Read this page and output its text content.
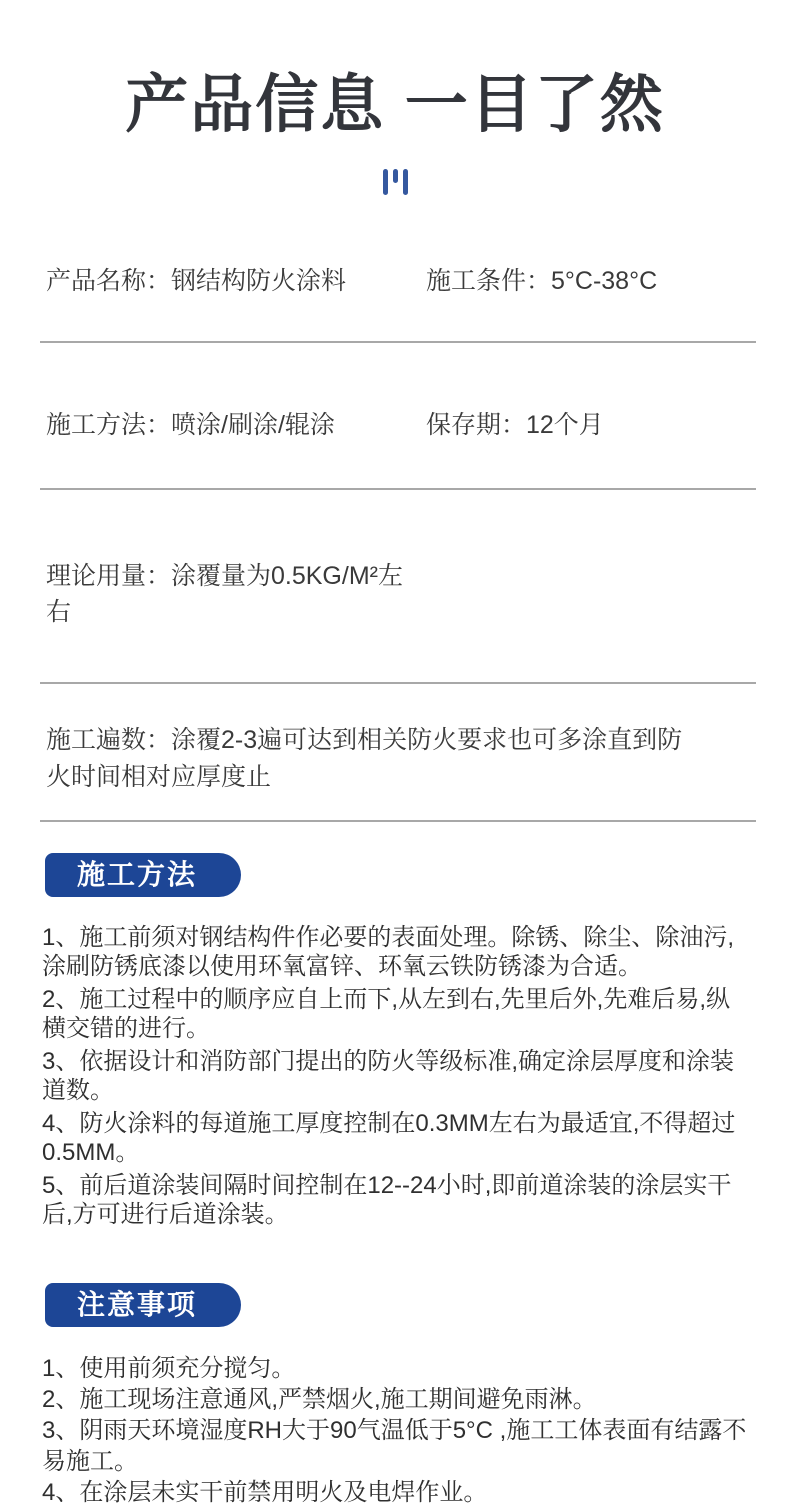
产品信息 一目了然
产品名称：钢结构防火涂料	施工条件：5°C-38°C
施工方法：喷涂/刷涂/辊涂	保存期：12个月
理论用量：涂覆量为0.5KG/M²左右
施工遍数：涂覆2-3遍可达到相关防火要求也可多涂直到防火时间相对应厚度止
施工方法

1、施工前须对钢结构件作必要的表面处理。除锈、除尘、除油污,涂刷防锈底漆以使用环氧富锌、环氧云铁防锈漆为合适。

2、施工过程中的顺序应自上而下,从左到右,先里后外,先难后易,纵横交错的进行。

3、依据设计和消防部门提出的防火等级标准,确定涂层厚度和涂装道数。

4、防火涂料的每道施工厚度控制在0.3MM左右为最适宜,不得超过0.5MM。

5、前后道涂装间隔时间控制在12--24小时,即前道涂装的涂层实干后,方可进行后道涂装。

注意事项

1、使用前须充分搅匀。

2、施工现场注意通风,严禁烟火,施工期间避免雨淋。

3、阴雨天环境湿度RH大于90气温低于5°C ,施工工体表面有结露不易施工。

4、在涂层未实干前禁用明火及电焊作业。
